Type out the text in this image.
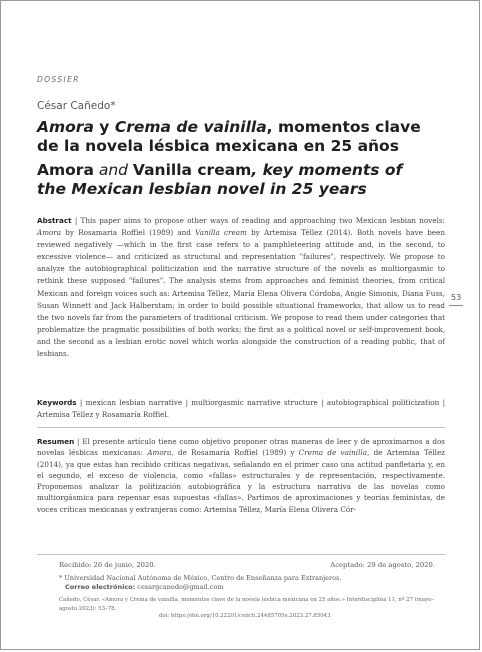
DOSSIER
César Cañedo*
Amora y Crema de vainilla, momentos clave de la novela lésbica mexicana en 25 años
Amora and Vanilla cream, key moments of the Mexican lesbian novel in 25 years
Abstract | This paper aims to propose other ways of reading and approaching two Mexican lesbian novels: Amora by Rosamaria Roffiel (1989) and Vanilla cream by Artemisa Téllez (2014). Both novels have been reviewed negatively —which in the first case refers to a pamphleteering attitude and, in the second, to excessive violence— and criticized as structural and representation "failures", respectively. We propose to analyze the autobiographical politicization and the narrative structure of the novels as multiorgasmic to rethink these supposed "failures". The analysis stems from approaches and feminist theories, from critical Mexican and foreign voices such as: Artemisa Téllez, María Elena Olivera Córdoba, Angie Simonis, Diana Fuss, Susan Winnett and Jack Halberstam; in order to build possible situational frameworks, that allow us to read the two novels far from the parameters of traditional criticism. We propose to read them under categories that problematize the pragmatic possibilities of both works; the first as a political novel or self-improvement book, and the second as a lesbian erotic novel which works alongside the construction of a reading public, that of lesbians.
Keywords | mexican lesbian narrative | multiorgasmic narrative structure | autobiographical politicization | Artemisa Téllez y Rosamaría Roffiel.
Resumen | El presente artículo tiene como objetivo proponer otras maneras de leer y de aproximarnos a dos novelas lésbicas mexicanas: Amora, de Rosamaría Roffiel (1989) y Crema de vainilla, de Artemisa Téllez (2014), ya que estas han recibido críticas negativas, señalando en el primer caso una actitud panfletaria y, en el segundo, el exceso de violencia, como «fallas» estructurales y de representación, respectivamente. Proponemos analizar la politización autobiográfica y la estructura narrativa de las novelas como multiorgásmica para repensar esas supuestas «fallas». Partimos de aproximaciones y teorías feministas, de voces críticas mexicanas y extranjeras como: Artemisa Téllez, María Elena Olivera Cór-
53
Recibido: 26 de junio, 2020.	Aceptado: 29 de agosto, 2020.
* Universidad Nacional Autónoma de México, Centro de Enseñanza para Extranjeros.
Correo electrónico: cesargcanedo@gmail.com
Cañedo, César. «Amora y Crema de vainilla, momentos clave de la novela lésbica mexicana en 25 años.» Interdisciplina 11, nº 27 (mayo–agosto 2023): 53–78.
doi: https://doi.org/10.22201/ceiich.24485705e.2023.27.85043
